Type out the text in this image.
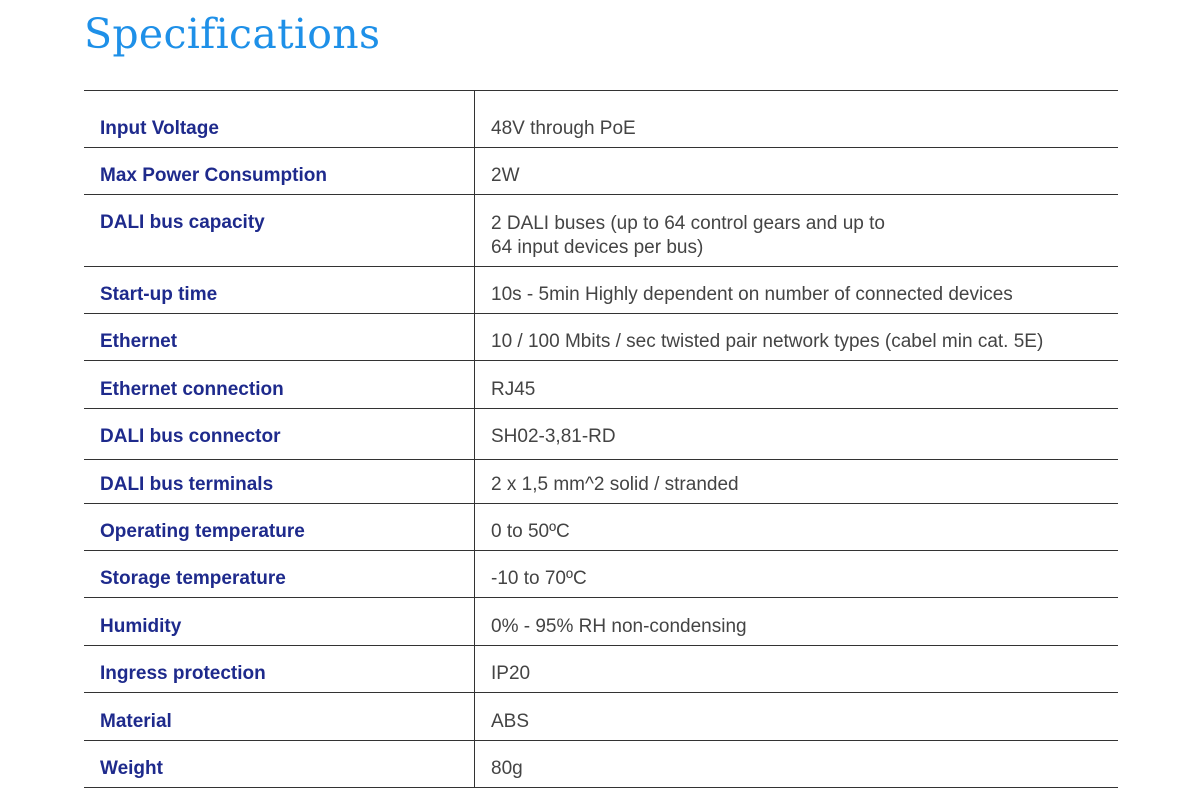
Specifications
Input Voltage	48V through PoE
Max Power Consumption	2W
DALI bus capacity	2 DALI buses (up to 64 control gears and up to
64 input devices per bus)
Start-up time	10s - 5min Highly dependent on number of connected devices
Ethernet	10 / 100 Mbits / sec twisted pair network types (cabel min cat. 5E)
Ethernet connection	RJ45
DALI bus connector	SH02-3,81-RD
DALI bus terminals	2 x 1,5 mm^2 solid / stranded
Operating temperature	0 to 50ºC
Storage temperature	-10 to 70ºC
Humidity	0% - 95% RH non-condensing
Ingress protection	IP20
Material	ABS
Weight	80g
